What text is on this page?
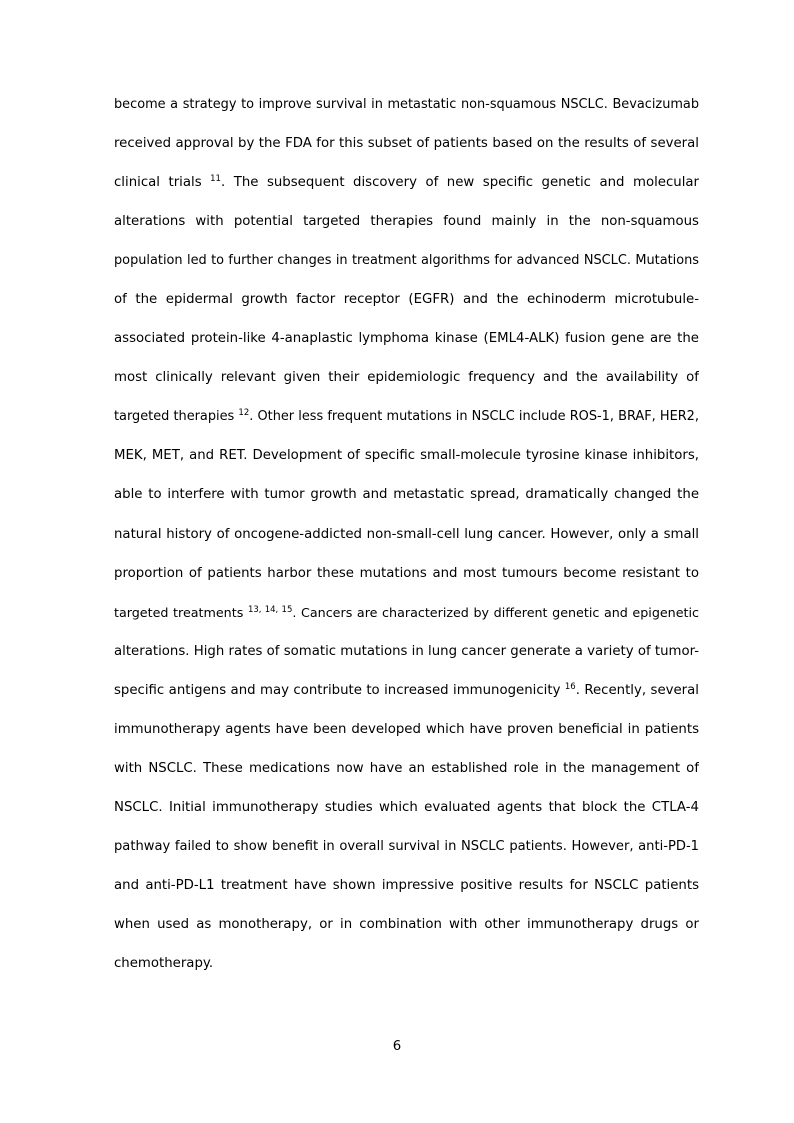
become a strategy to improve survival in metastatic non-squamous NSCLC. Bevacizumab
received approval by the FDA for this subset of patients based on the results of several
clinical trials $^{11}$. The subsequent discovery of new specific genetic and molecular
alterations with potential targeted therapies found mainly in the non-squamous
population led to further changes in treatment algorithms for advanced NSCLC. Mutations
of the epidermal growth factor receptor (EGFR) and the echinoderm microtubule-
associated protein-like 4-anaplastic lymphoma kinase (EML4-ALK) fusion gene are the
most clinically relevant given their epidemiologic frequency and the availability of
targeted therapies $^{12}$. Other less frequent mutations in NSCLC include ROS-1, BRAF, HER2,
MEK, MET, and RET. Development of specific small-molecule tyrosine kinase inhibitors,
able to interfere with tumor growth and metastatic spread, dramatically changed the
natural history of oncogene-addicted non-small-cell lung cancer. However, only a small
proportion of patients harbor these mutations and most tumours become resistant to
targeted treatments $^{13, 14, 15}$. Cancers are characterized by different genetic and epigenetic
alterations. High rates of somatic mutations in lung cancer generate a variety of tumor-
specific antigens and may contribute to increased immunogenicity $^{16}$. Recently, several
immunotherapy agents have been developed which have proven beneficial in patients
with NSCLC. These medications now have an established role in the management of
NSCLC. Initial immunotherapy studies which evaluated agents that block the CTLA-4
pathway failed to show benefit in overall survival in NSCLC patients. However, anti-PD-1
and anti-PD-L1 treatment have shown impressive positive results for NSCLC patients
when used as monotherapy, or in combination with other immunotherapy drugs or
chemotherapy.
6
